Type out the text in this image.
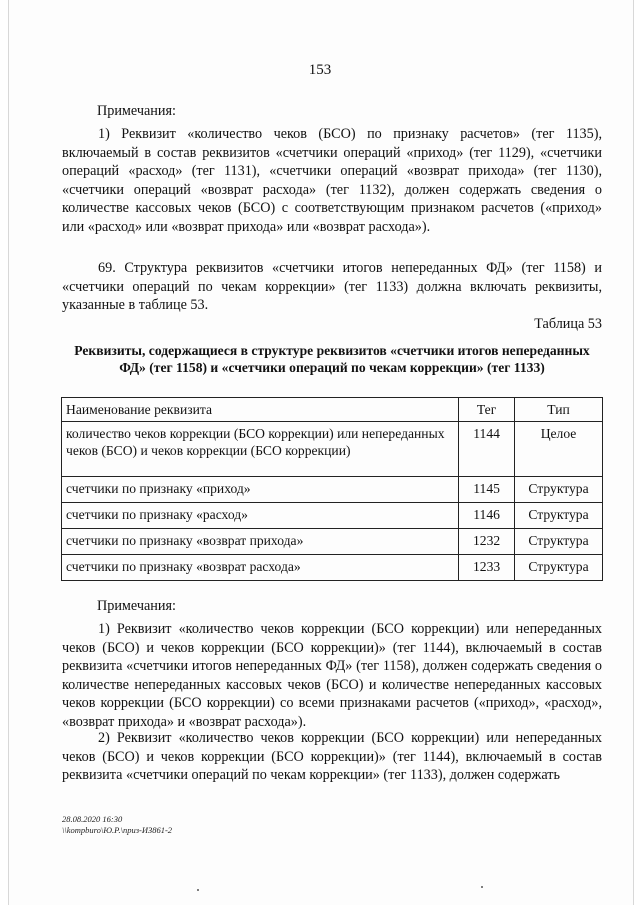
153
Примечания:
1) Реквизит «количество чеков (БСО) по признаку расчетов» (тег 1135), включаемый в состав реквизитов «счетчики операций «приход» (тег 1129), «счетчики операций «расход» (тег 1131), «счетчики операций «возврат прихода» (тег 1130), «счетчики операций «возврат расхода» (тег 1132), должен содержать сведения о количестве кассовых чеков (БСО) с соответствующим признаком расчетов («приход» или «расход» или «возврат прихода» или «возврат расхода»).
69. Структура реквизитов «счетчики итогов непереданных ФД» (тег 1158) и «счетчики операций по чекам коррекции» (тег 1133) должна включать реквизиты, указанные в таблице 53.
Таблица 53
Реквизиты, содержащиеся в структуре реквизитов «счетчики итогов непереданных ФД» (тег 1158) и «счетчики операций по чекам коррекции» (тег 1133)
Наименование реквизита	Тег	Тип
количество чеков коррекции (БСО коррекции) или непереданных чеков (БСО) и чеков коррекции (БСО коррекции)	1144	Целое
счетчики по признаку «приход»	1145	Структура
счетчики по признаку «расход»	1146	Структура
счетчики по признаку «возврат прихода»	1232	Структура
счетчики по признаку «возврат расхода»	1233	Структура
Примечания:
1) Реквизит «количество чеков коррекции (БСО коррекции) или непереданных чеков (БСО) и чеков коррекции (БСО коррекции)» (тег 1144), включаемый в состав реквизита «счетчики итогов непереданных ФД» (тег 1158), должен содержать сведения о количестве непереданных кассовых чеков (БСО) и количестве непереданных кассовых чеков коррекции (БСО коррекции) со всеми признаками расчетов («приход», «расход», «возврат прихода» и «возврат расхода»).
2) Реквизит «количество чеков коррекции (БСО коррекции) или непереданных чеков (БСО) и чеков коррекции (БСО коррекции)» (тег 1144), включаемый в состав реквизита «счетчики операций по чекам коррекции» (тег 1133), должен содержать
28.08.2020 16:30
\\kompburo\Ю.Р.\приз-ИЗ861-2
